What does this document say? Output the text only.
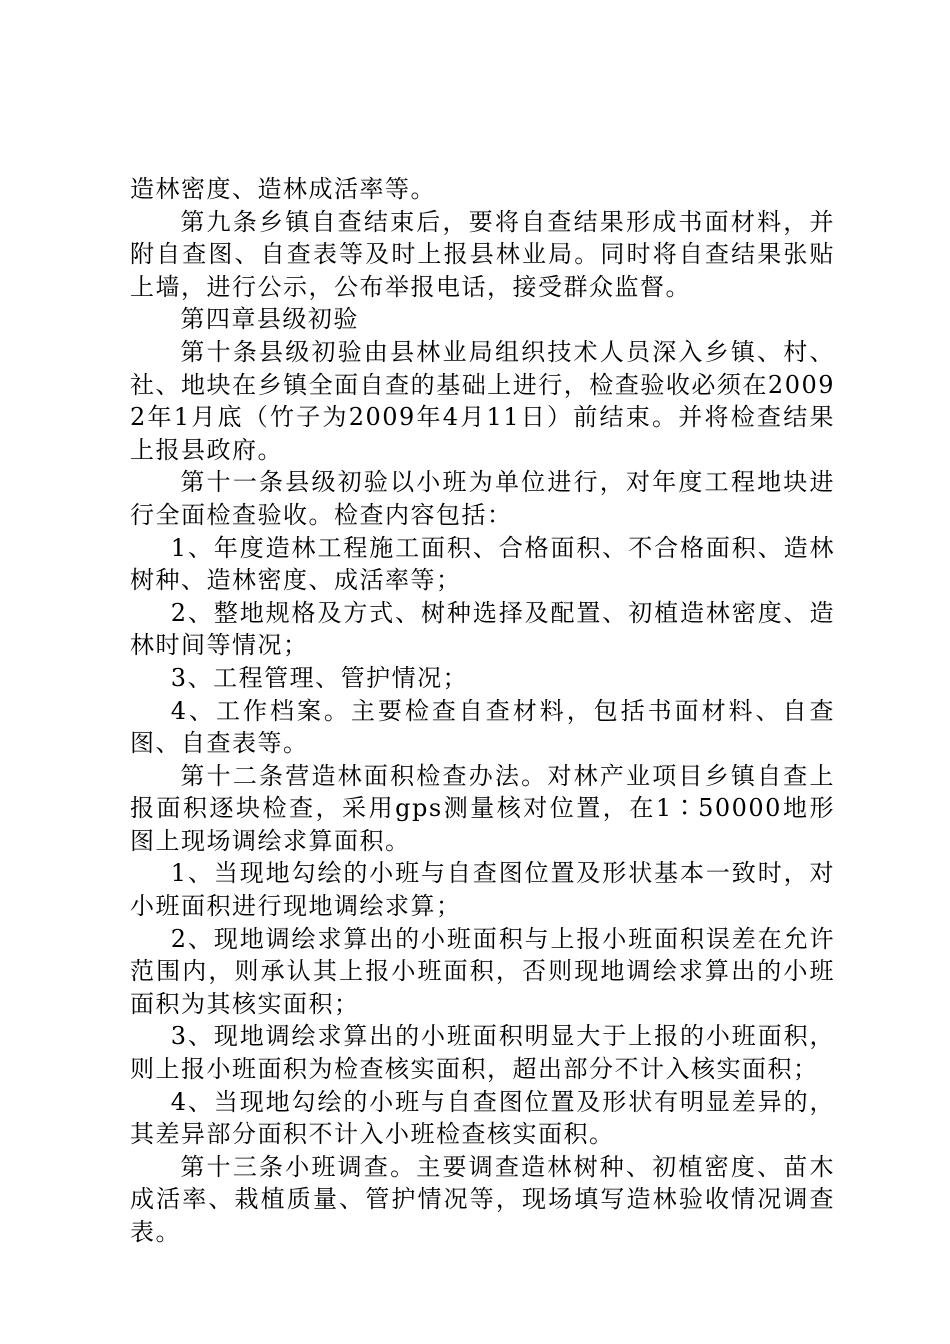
造林密度、造林成活率等。

第九条乡镇自查结束后，要将自查结果形成书面材料，并附自查图、自查表等及时上报县林业局。同时将自查结果张贴上墙，进行公示，公布举报电话，接受群众监督。

第四章县级初验

第十条县级初验由县林业局组织技术人员深入乡镇、村、社、地块在乡镇全面自查的基础上进行，检查验收必须在20092年1月底（竹子为2009年4月11日）前结束。并将检查结果上报县政府。

第十一条县级初验以小班为单位进行，对年度工程地块进行全面检查验收。检查内容包括：

1、年度造林工程施工面积、合格面积、不合格面积、造林树种、造林密度、成活率等；

2、整地规格及方式、树种选择及配置、初植造林密度、造林时间等情况；

3、工程管理、管护情况；

4、工作档案。主要检查自查材料，包括书面材料、自查图、自查表等。

第十二条营造林面积检查办法。对林产业项目乡镇自查上报面积逐块检查，采用gps测量核对位置，在1∶50000地形图上现场调绘求算面积。

1、当现地勾绘的小班与自查图位置及形状基本一致时，对小班面积进行现地调绘求算；

2、现地调绘求算出的小班面积与上报小班面积误差在允许范围内，则承认其上报小班面积，否则现地调绘求算出的小班面积为其核实面积；

3、现地调绘求算出的小班面积明显大于上报的小班面积，则上报小班面积为检查核实面积，超出部分不计入核实面积；

4、当现地勾绘的小班与自查图位置及形状有明显差异的，其差异部分面积不计入小班检查核实面积。

第十三条小班调查。主要调查造林树种、初植密度、苗木成活率、栽植质量、管护情况等，现场填写造林验收情况调查表。
